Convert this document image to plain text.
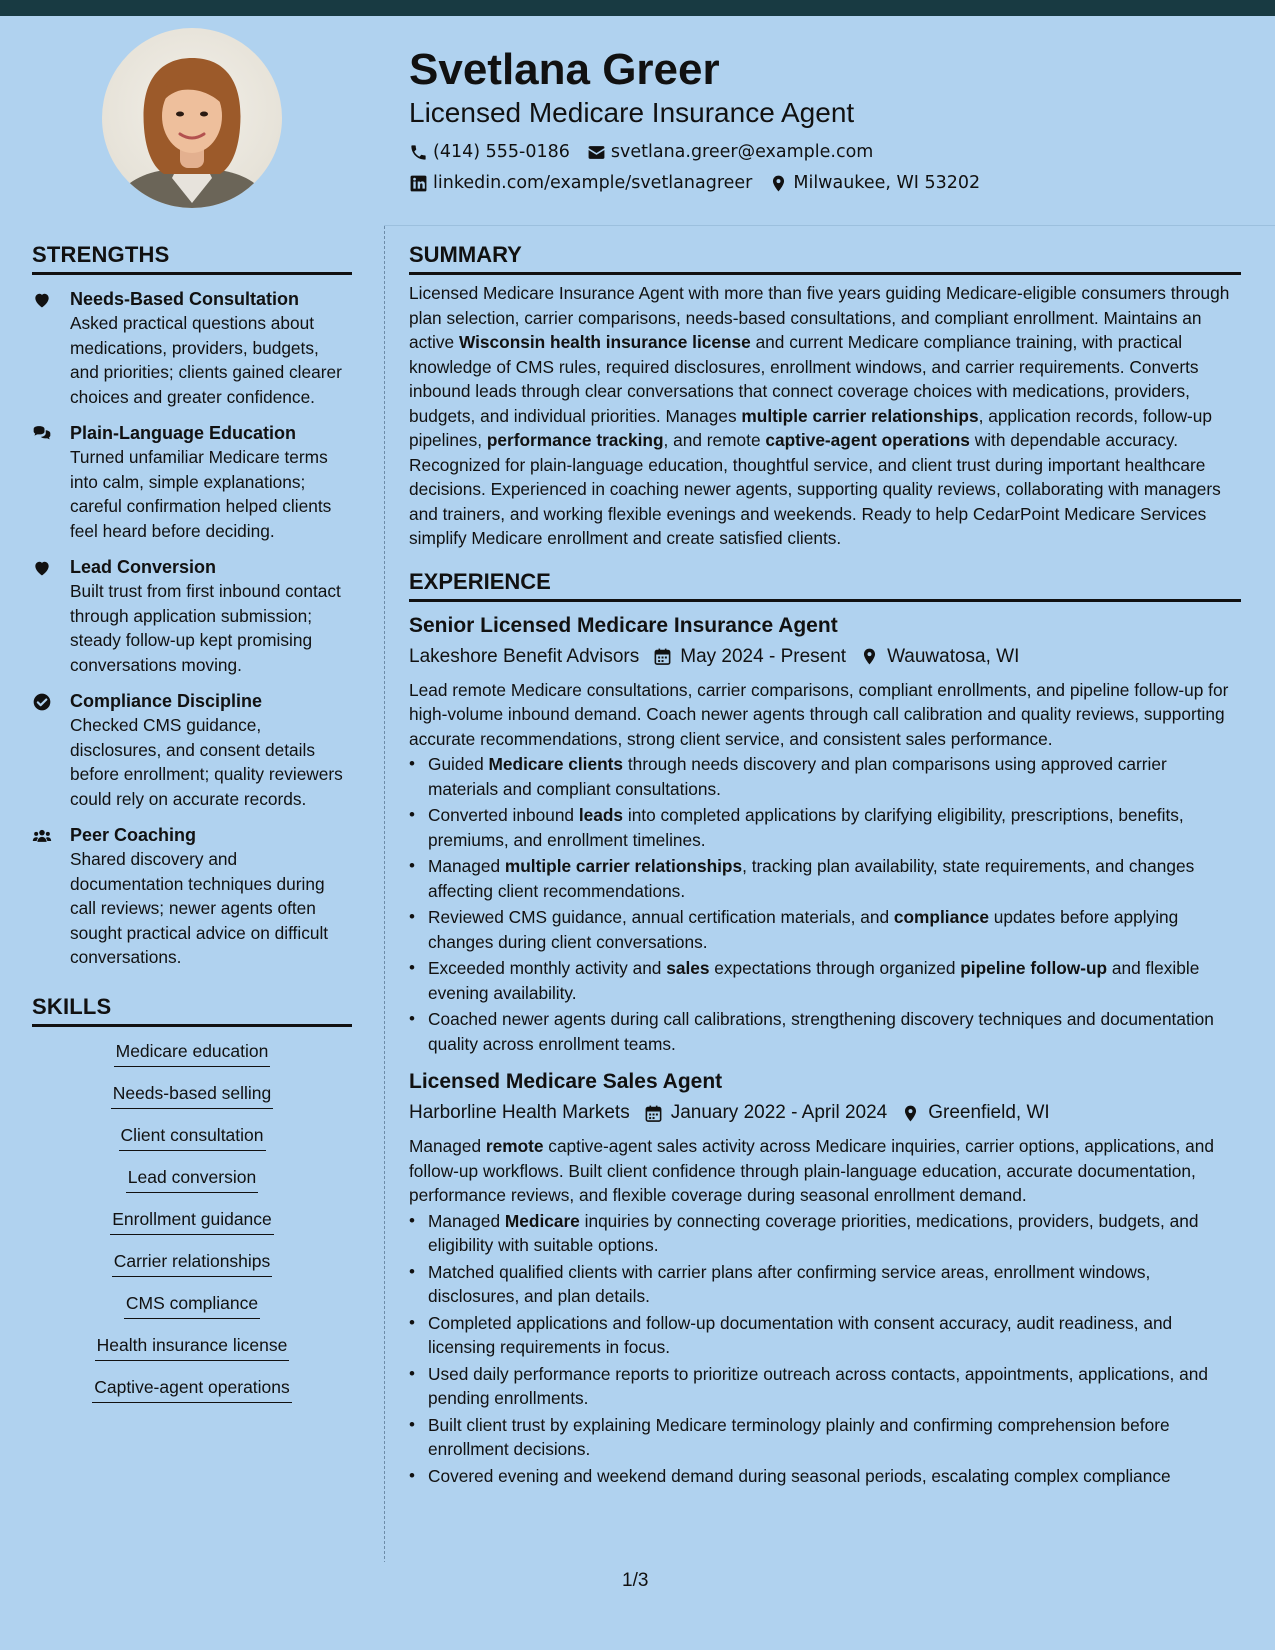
Svetlana Greer
Licensed Medicare Insurance Agent
(414) 555-0186 svetlana.greer@example.com
linkedin.com/example/svetlanagreer Milwaukee, WI 53202
STRENGTHS
Needs-Based Consultation
Asked practical questions about medications, providers, budgets, and priorities; clients gained clearer choices and greater confidence.
Plain-Language Education
Turned unfamiliar Medicare terms into calm, simple explanations; careful confirmation helped clients feel heard before deciding.
Lead Conversion
Built trust from first inbound contact through application submission; steady follow-up kept promising conversations moving.
Compliance Discipline
Checked CMS guidance, disclosures, and consent details before enrollment; quality reviewers could rely on accurate records.
Peer Coaching
Shared discovery and documentation techniques during call reviews; newer agents often sought practical advice on difficult conversations.
SKILLS
Medicare education
Needs-based selling
Client consultation
Lead conversion
Enrollment guidance
Carrier relationships
CMS compliance
Health insurance license
Captive-agent operations
SUMMARY
Licensed Medicare Insurance Agent with more than five years guiding Medicare-eligible consumers through plan selection, carrier comparisons, needs-based consultations, and compliant enrollment. Maintains an active Wisconsin health insurance license and current Medicare compliance training, with practical knowledge of CMS rules, required disclosures, enrollment windows, and carrier requirements. Converts inbound leads through clear conversations that connect coverage choices with medications, providers, budgets, and individual priorities. Manages multiple carrier relationships, application records, follow-up pipelines, performance tracking, and remote captive-agent operations with dependable accuracy. Recognized for plain-language education, thoughtful service, and client trust during important healthcare decisions. Experienced in coaching newer agents, supporting quality reviews, collaborating with managers and trainers, and working flexible evenings and weekends. Ready to help CedarPoint Medicare Services simplify Medicare enrollment and create satisfied clients.
EXPERIENCE
Senior Licensed Medicare Insurance Agent
Lakeshore Benefit Advisors May 2024 - Present Wauwatosa, WI
Lead remote Medicare consultations, carrier comparisons, compliant enrollments, and pipeline follow-up for high-volume inbound demand. Coach newer agents through call calibration and quality reviews, supporting accurate recommendations, strong client service, and consistent sales performance.
• Guided Medicare clients through needs discovery and plan comparisons using approved carrier materials and compliant consultations.
• Converted inbound leads into completed applications by clarifying eligibility, prescriptions, benefits, premiums, and enrollment timelines.
• Managed multiple carrier relationships, tracking plan availability, state requirements, and changes affecting client recommendations.
• Reviewed CMS guidance, annual certification materials, and compliance updates before applying changes during client conversations.
• Exceeded monthly activity and sales expectations through organized pipeline follow-up and flexible evening availability.
• Coached newer agents during call calibrations, strengthening discovery techniques and documentation quality across enrollment teams.
Licensed Medicare Sales Agent
Harborline Health Markets January 2022 - April 2024 Greenfield, WI
Managed remote captive-agent sales activity across Medicare inquiries, carrier options, applications, and follow-up workflows. Built client confidence through plain-language education, accurate documentation, performance reviews, and flexible coverage during seasonal enrollment demand.
• Managed Medicare inquiries by connecting coverage priorities, medications, providers, budgets, and eligibility with suitable options.
• Matched qualified clients with carrier plans after confirming service areas, enrollment windows, disclosures, and plan details.
• Completed applications and follow-up documentation with consent accuracy, audit readiness, and licensing requirements in focus.
• Used daily performance reports to prioritize outreach across contacts, appointments, applications, and pending enrollments.
• Built client trust by explaining Medicare terminology plainly and confirming comprehension before enrollment decisions.
• Covered evening and weekend demand during seasonal periods, escalating complex compliance
1/3
